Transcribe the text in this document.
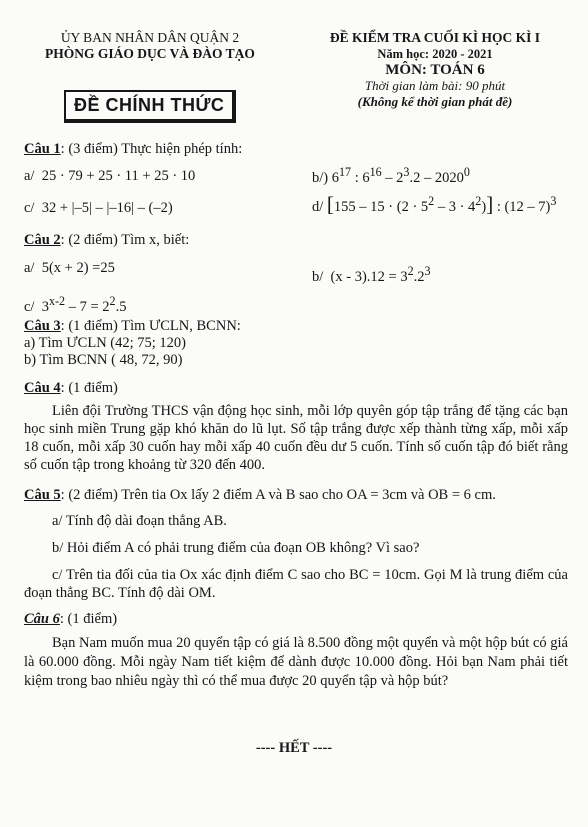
ỦY BAN NHÂN DÂN QUẬN 2
PHÒNG GIÁO DỤC VÀ ĐÀO TẠO
ĐỀ CHÍNH THỨC
ĐỀ KIỂM TRA CUỐI KÌ HỌC KÌ I
Năm học: 2020 - 2021
MÔN: TOÁN 6
Thời gian làm bài: 90 phút
(Không kể thời gian phát đề)
Câu 1: (3 điểm) Thực hiện phép tính:
a/ 25 · 79 + 25 · 11 + 25 · 10	b/) $6^{17}$ : $6^{16} - 2^3.2 - 2020^0$
c/ 32 + |–5| – |–16| – (–2)	d/ $[155 - 15 \cdot (2 \cdot 5^2 - 3 \cdot 4^2)]$ : (12 – 7)$^3$
Câu 2: (2 điểm) Tìm x, biết:
a/ 5(x + 2) =25
b/ $(x - 3).12 = 3^2.2^3$
c/ $3^{x-2} - 7 = 2^2.5$
Câu 3: (1 điểm) Tìm ƯCLN, BCNN:
a) Tìm ƯCLN (42; 75; 120)
b) Tìm BCNN ( 48, 72, 90)
Câu 4: (1 điểm)
Liên đội Trường THCS vận động học sinh, mỗi lớp quyên góp tập trắng để tặng các bạn học sinh miền Trung gặp khó khăn do lũ lụt. Số tập trắng được xếp thành từng xấp, mỗi xấp 18 cuốn, mỗi xấp 30 cuốn hay mỗi xấp 40 cuốn đều dư 5 cuốn. Tính số cuốn tập đó biết rằng số cuốn tập trong khoảng từ 320 đến 400.
Câu 5: (2 điểm) Trên tia Ox lấy 2 điểm A và B sao cho OA = 3cm và OB = 6 cm.
a/ Tính độ dài đoạn thẳng AB.
b/ Hỏi điểm A có phải trung điểm của đoạn OB không? Vì sao?
c/ Trên tia đối của tia Ox xác định điểm C sao cho BC = 10cm. Gọi M là trung điểm của đoạn thẳng BC. Tính độ dài OM.
Câu 6: (1 điểm)
Bạn Nam muốn mua 20 quyển tập có giá là 8.500 đồng một quyển và một hộp bút có giá là 60.000 đồng. Mỗi ngày Nam tiết kiệm để dành được 10.000 đồng. Hỏi bạn Nam phải tiết kiệm trong bao nhiêu ngày thì có thể mua được 20 quyển tập và hộp bút?
---- HẾT ----
